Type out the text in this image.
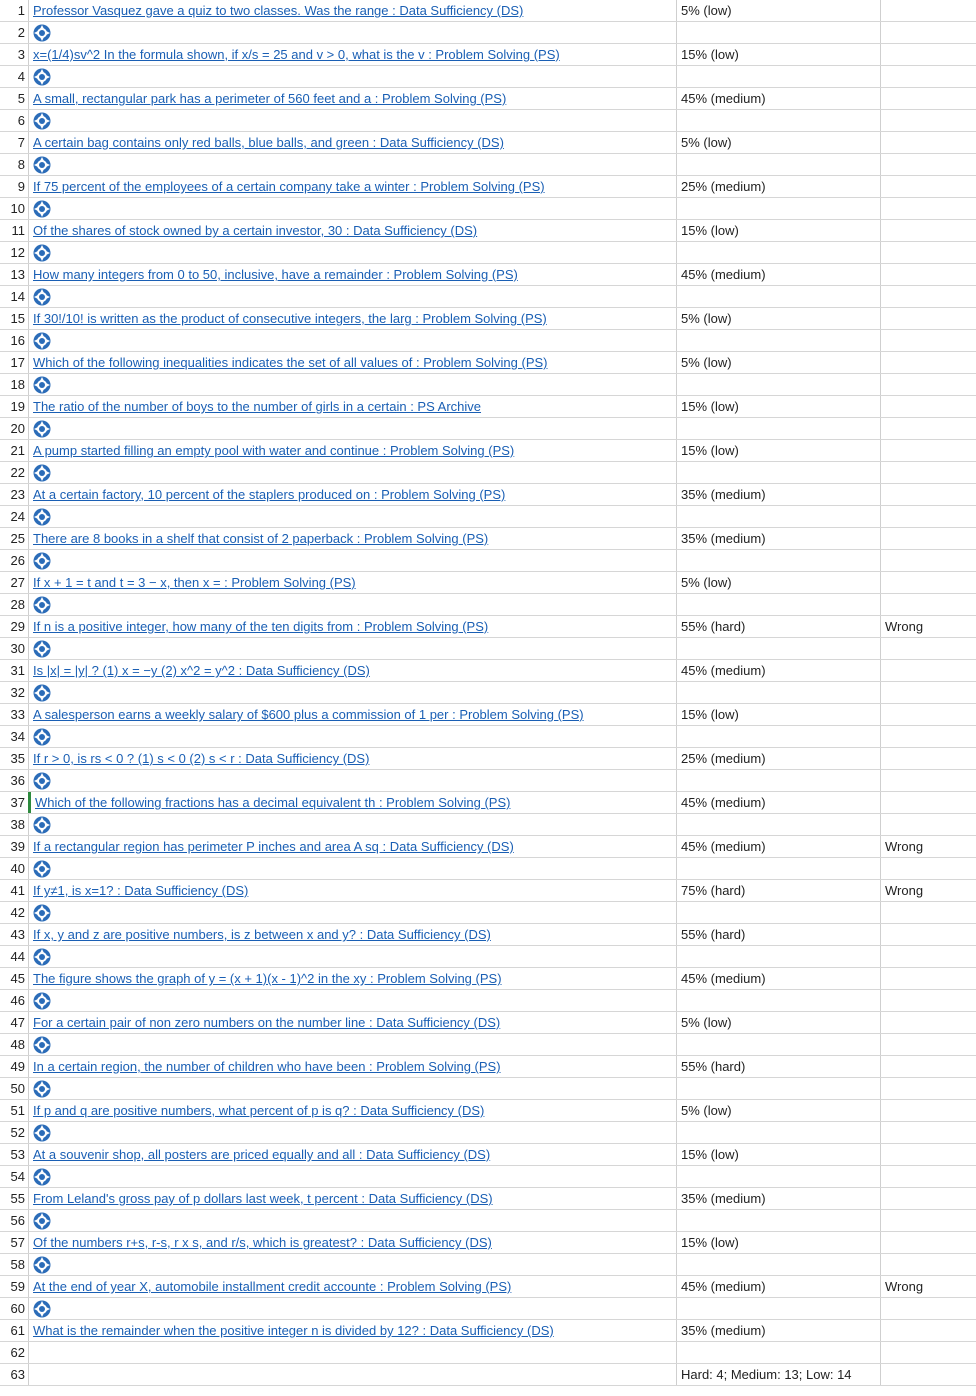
1 Professor Vasquez gave a quiz to two classes. Was the range : Data Sufficiency (DS)	5% (low)
2
3 x=(1/4)sv^2 In the formula shown, if x/s = 25 and v > 0, what is the v : Problem Solving (PS)	15% (low)
4
5 A small, rectangular park has a perimeter of 560 feet and a : Problem Solving (PS)	45% (medium)
6
7 A certain bag contains only red balls, blue balls, and green : Data Sufficiency (DS)	5% (low)
8
9 If 75 percent of the employees of a certain company take a winter : Problem Solving (PS)	25% (medium)
10
11 Of the shares of stock owned by a certain investor, 30 : Data Sufficiency (DS)	15% (low)
12
13 How many integers from 0 to 50, inclusive, have a remainder : Problem Solving (PS)	45% (medium)
14
15 If 30!/10! is written as the product of consecutive integers, the larg : Problem Solving (PS)	5% (low)
16
17 Which of the following inequalities indicates the set of all values of : Problem Solving (PS)	5% (low)
18
19 The ratio of the number of boys to the number of girls in a certain : PS Archive	15% (low)
20
21 A pump started filling an empty pool with water and continue : Problem Solving (PS)	15% (low)
22
23 At a certain factory, 10 percent of the staplers produced on : Problem Solving (PS)	35% (medium)
24
25 There are 8 books in a shelf that consist of 2 paperback : Problem Solving (PS)	35% (medium)
26
27 If x + 1 = t and t = 3 − x, then x = : Problem Solving (PS)	5% (low)
28
29 If n is a positive integer, how many of the ten digits from : Problem Solving (PS)	55% (hard)	Wrong
30
31 Is |x| = |y| ? (1) x = −y (2) x^2 = y^2 : Data Sufficiency (DS)	45% (medium)
32
33 A salesperson earns a weekly salary of $600 plus a commission of 1 per : Problem Solving (PS)	15% (low)
34
35 If r > 0, is rs < 0 ? (1) s < 0 (2) s < r : Data Sufficiency (DS)	25% (medium)
36
37 Which of the following fractions has a decimal equivalent th : Problem Solving (PS)	45% (medium)
38
39 If a rectangular region has perimeter P inches and area A sq : Data Sufficiency (DS)	45% (medium)	Wrong
40
41 If y≠1, is x=1? : Data Sufficiency (DS)	75% (hard)	Wrong
42
43 If x, y and z are positive numbers, is z between x and y? : Data Sufficiency (DS)	55% (hard)
44
45 The figure shows the graph of y = (x + 1)(x - 1)^2 in the xy : Problem Solving (PS)	45% (medium)
46
47 For a certain pair of non zero numbers on the number line : Data Sufficiency (DS)	5% (low)
48
49 In a certain region, the number of children who have been : Problem Solving (PS)	55% (hard)
50
51 If p and q are positive numbers, what percent of p is q? : Data Sufficiency (DS)	5% (low)
52
53 At a souvenir shop, all posters are priced equally and all : Data Sufficiency (DS)	15% (low)
54
55 From Leland's gross pay of p dollars last week, t percent : Data Sufficiency (DS)	35% (medium)
56
57 Of the numbers r+s, r-s, r x s, and r/s, which is greatest? : Data Sufficiency (DS)	15% (low)
58
59 At the end of year X, automobile installment credit accounte : Problem Solving (PS)	45% (medium)	Wrong
60
61 What is the remainder when the positive integer n is divided by 12? : Data Sufficiency (DS)	35% (medium)
62
63	Hard: 4; Medium: 13; Low: 14
